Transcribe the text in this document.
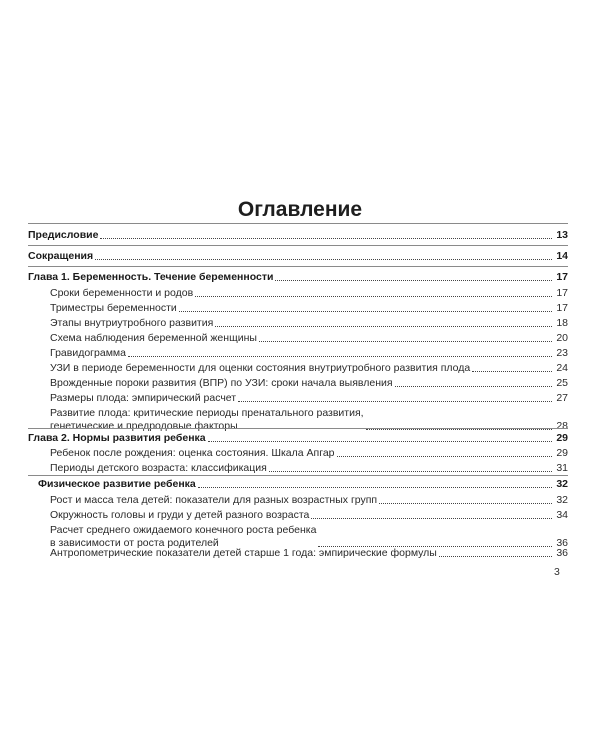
Оглавление
Предисловие	13
Сокращения	14
Глава 1. Беременность. Течение беременности	17
Сроки беременности и родов	17
Триместры беременности	17
Этапы внутриутробного развития	18
Схема наблюдения беременной женщины	20
Гравидограмма	23
УЗИ в периоде беременности для оценки состояния внутриутробного развития плода	24
Врожденные пороки развития (ВПР) по УЗИ: сроки начала выявления	25
Размеры плода: эмпирический расчет	27
Развитие плода: критические периоды пренатального развития,
генетические и предродовые факторы	28
Глава 2. Нормы развития ребенка	29
Ребенок после рождения: оценка состояния. Шкала Апгар	29
Периоды детского возраста: классификация	31
Физическое развитие ребенка	32
Рост и масса тела детей: показатели для разных возрастных групп	32
Окружность головы и груди у детей разного возраста	34
Расчет среднего ожидаемого конечного роста ребенка
в зависимости от роста родителей	36
Антропометрические показатели детей старше 1 года: эмпирические формулы	36
3
